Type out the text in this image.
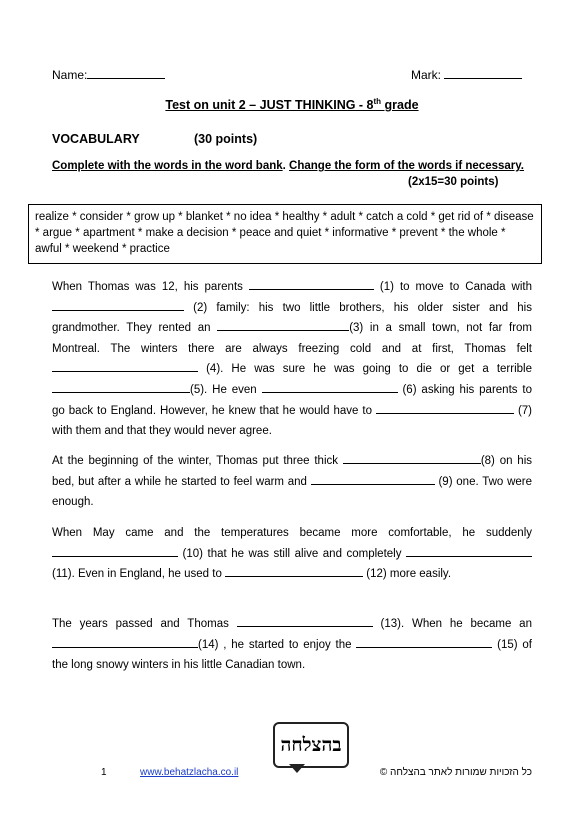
Name:	Mark:
Test on unit 2 – JUST THINKING - 8th grade
VOCABULARY	(30 points)
Complete with the words in the word bank. Change the form of the words if necessary.
(2x15=30 points)
realize * consider * grow up * blanket * no idea * healthy * adult * catch a cold * get rid of * disease * argue * apartment * make a decision * peace and quiet * informative * prevent * the whole * awful * weekend * practice

When Thomas was 12, his parents	(1) to move to Canada with (2) family: his two little brothers, his older sister and his grandmother. They rented an	(3) in a small town, not far from Montreal. The winters there are always freezing cold and at first, Thomas felt  (4). He was sure he was going to die or get a terrible (5). He even	(6) asking his parents to go back to England. However, he knew that he would have to	(7) with them and that they would never agree.

At the beginning of the winter, Thomas put three thick	(8) on his bed, but after a while he started to feel warm and	(9) one. Two were enough.

When May came and the temperatures became more comfortable, he suddenly  (10) that he was still alive and completely (11). Even in England, he used to	(12) more easily.

The years passed and Thomas	(13). When he became an (14) , he started to enjoy the	(15) of the long snowy winters in his little Canadian town.

בהצלחה
1	www.behatzlacha.co.il	כל הזכויות שמורות לאתר בהצלחה ©
